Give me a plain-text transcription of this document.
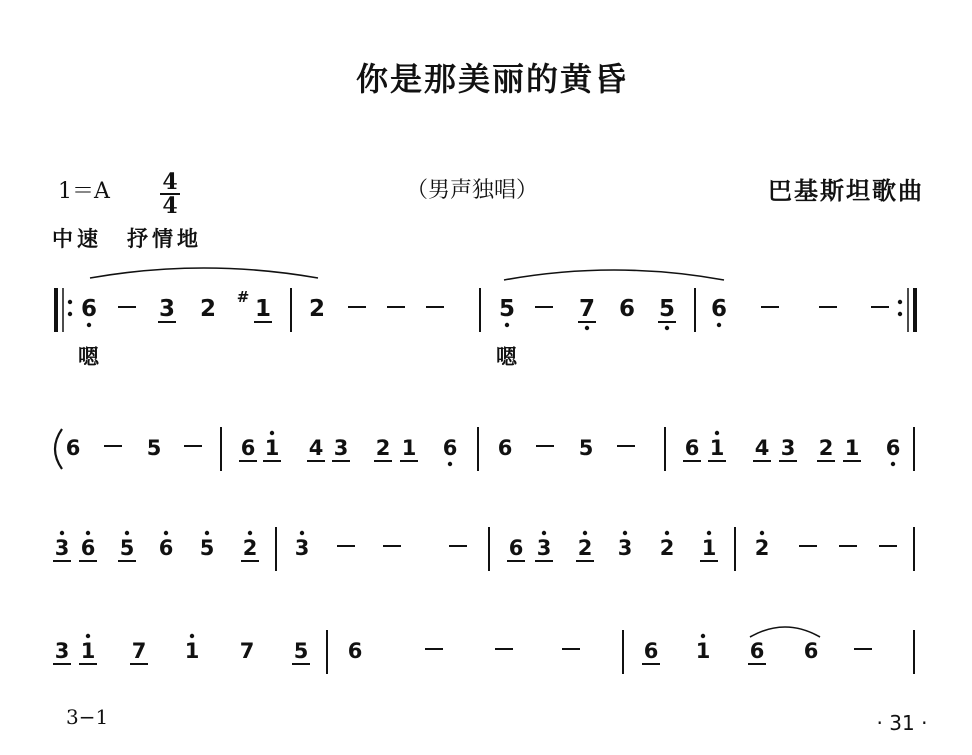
你是那美丽的黄昏
1＝A 4
4
（男声独唱）	巴基斯坦歌曲
中速　抒情地
6	3 2 1
#	2	5	7 6 5 6
6	5	6 1 4 3 2 1 6 6	5	6 1 4 3 2 1 6
3 6 5 6 5 2 3	6 3 2 3 2 1 2
3 1 7 1 7 5 6	6 1 6 6
嗯	嗯
3−1	· 31 ·
